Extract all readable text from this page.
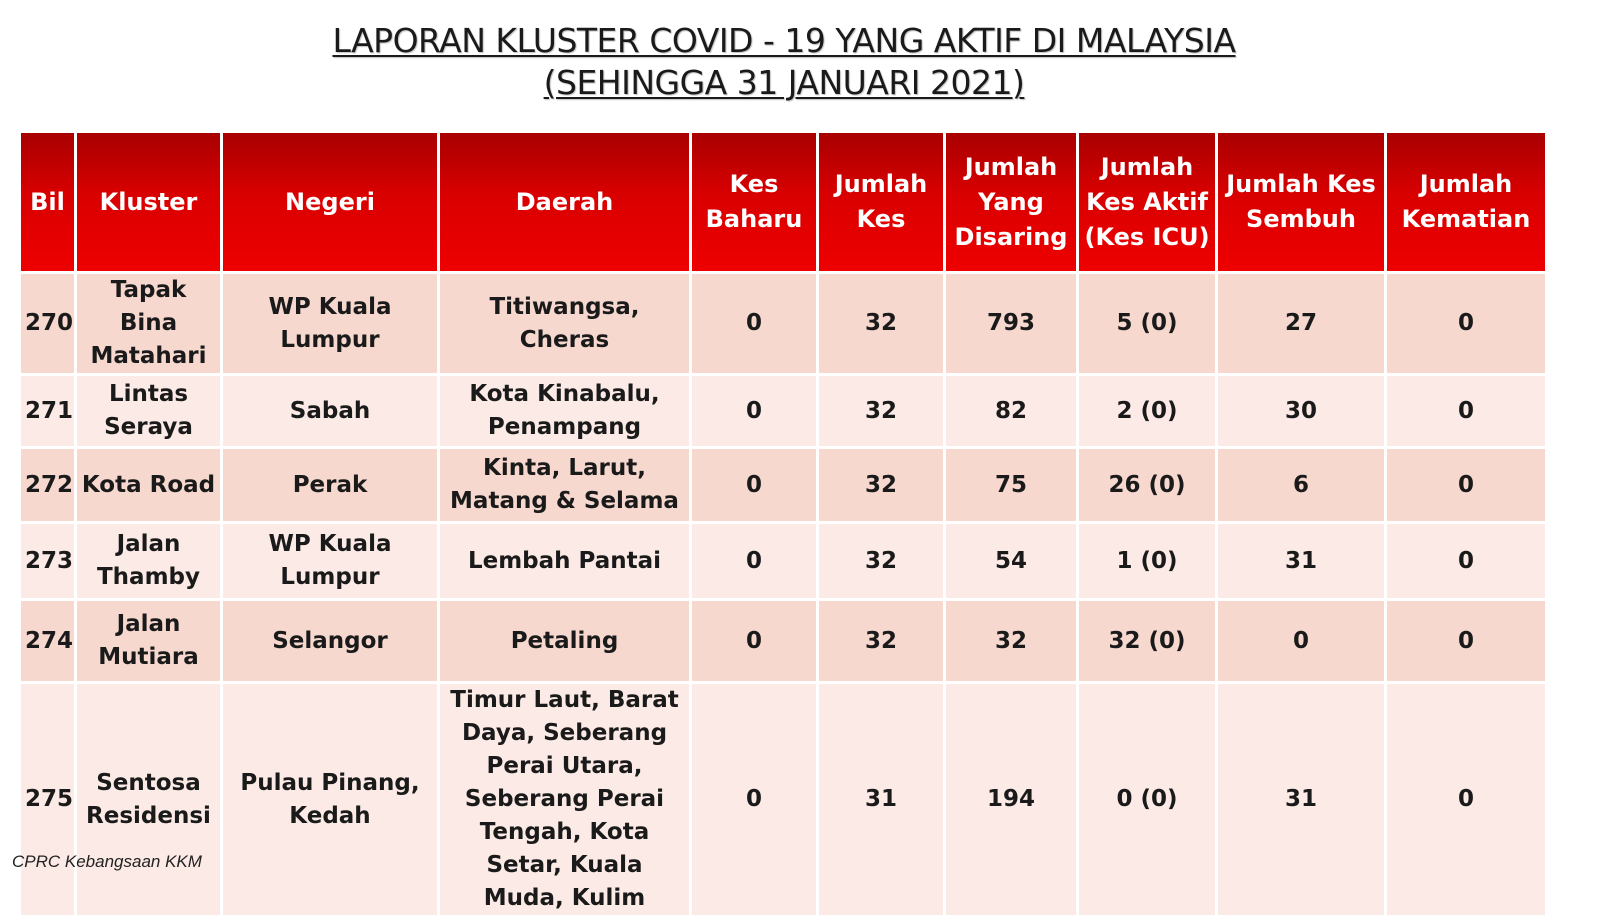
LAPORAN KLUSTER COVID - 19 YANG AKTIF DI MALAYSIA
(SEHINGGA 31 JANUARI 2021)
Bil	Kluster	Negeri	Daerah	Kes Baharu	Jumlah Kes	Jumlah Yang Disaring	Jumlah Kes Aktif (Kes ICU)	Jumlah Kes Sembuh	Jumlah Kematian
270	Tapak Bina Matahari	WP Kuala Lumpur	Titiwangsa, Cheras	0	32	793	5 (0)	27	0
271	Lintas Seraya	Sabah	Kota Kinabalu, Penampang	0	32	82	2 (0)	30	0
272	Kota Road	Perak	Kinta, Larut, Matang & Selama	0	32	75	26 (0)	6	0
273	Jalan Thamby	WP Kuala Lumpur	Lembah Pantai	0	32	54	1 (0)	31	0
274	Jalan Mutiara	Selangor	Petaling	0	32	32	32 (0)	0	0
275	Sentosa Residensi	Pulau Pinang, Kedah	Timur Laut, Barat Daya, Seberang Perai Utara, Seberang Perai Tengah, Kota Setar, Kuala Muda, Kulim	0	31	194	0 (0)	31	0
CPRC Kebangsaan KKM
